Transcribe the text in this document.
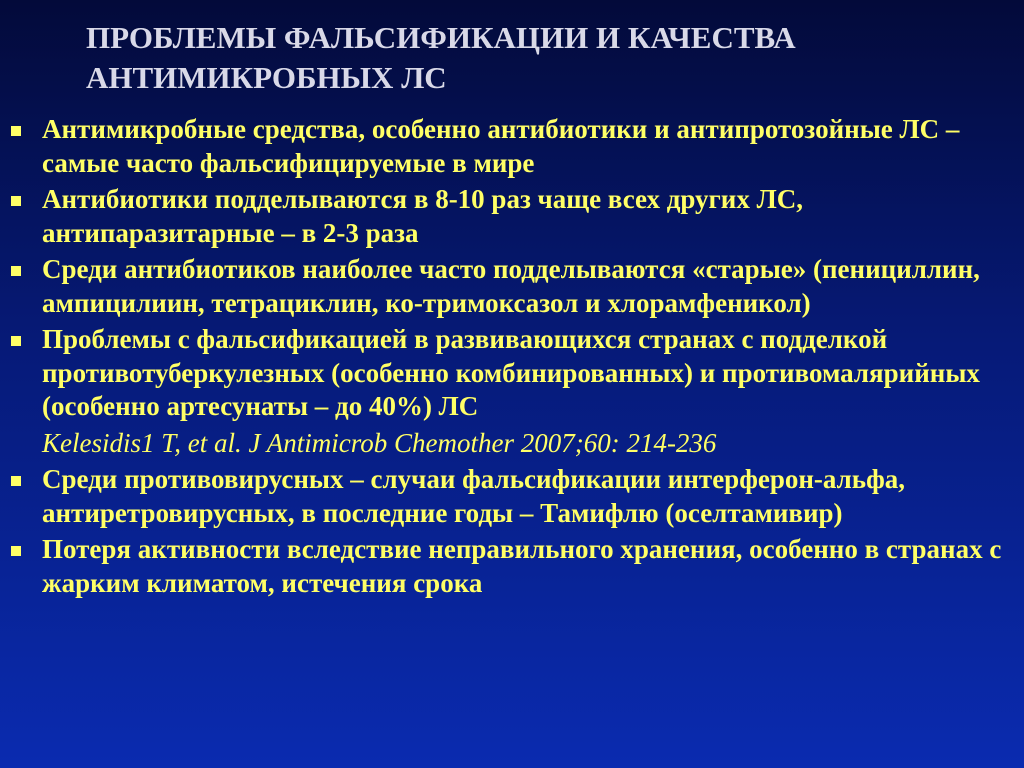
ПРОБЛЕМЫ ФАЛЬСИФИКАЦИИ И КАЧЕСТВА
АНТИМИКРОБНЫХ ЛС
Антимикробные средства, особенно антибиотики и антипротозойные ЛС – самые часто фальсифицируемые в мире
Антибиотики подделываются в 8-10 раз чаще всех других ЛС, антипаразитарные – в 2-3 раза
Среди антибиотиков наиболее часто подделываются «старые» (пенициллин, ампицилиин, тетрациклин, ко-тримоксазол и хлорамфеникол)
Проблемы с фальсификацией в развивающихся странах с подделкой противотуберкулезных (особенно комбинированных) и противомалярийных (особенно артесунаты – до 40%) ЛС
Kelesidis1 T, et al. J Antimicrob Chemother 2007;60: 214-236
Среди противовирусных – случаи фальсификации интерферон-альфа, антиретровирусных, в последние годы – Тамифлю (оселтамивир)
Потеря активности вследствие неправильного хранения, особенно в странах с жарким климатом, истечения срока
